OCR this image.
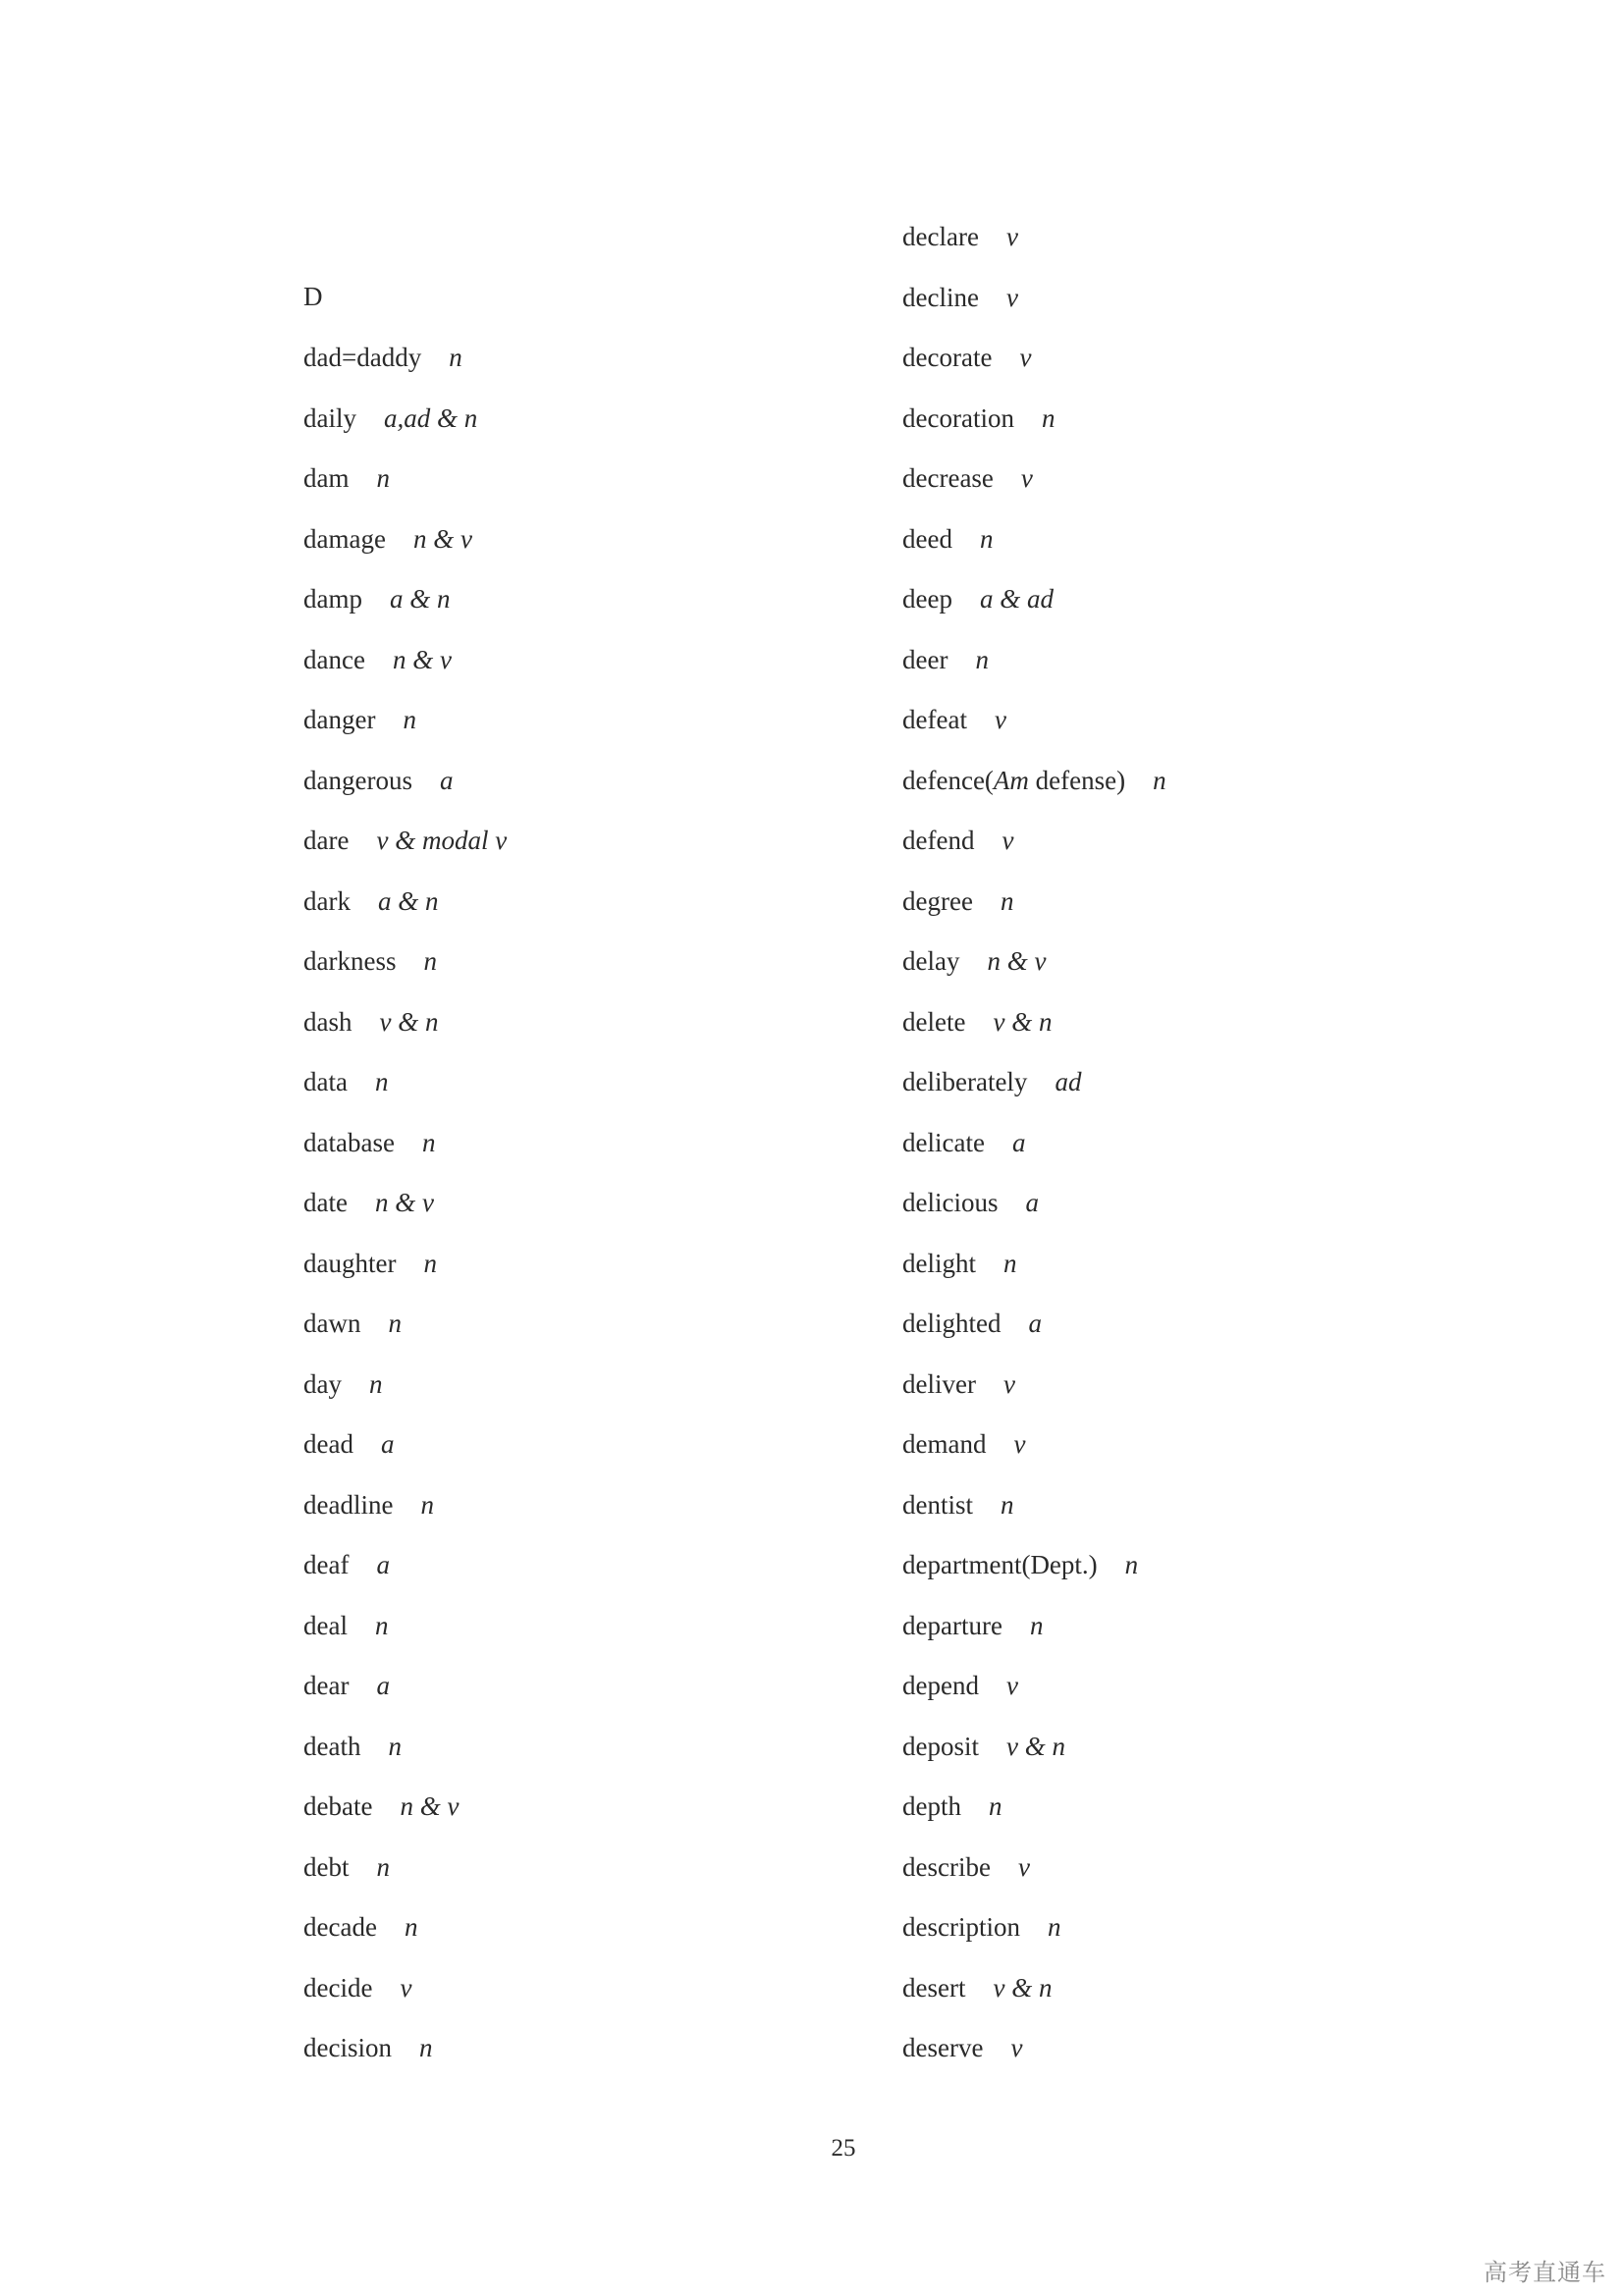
D
dad=daddy n
daily a,ad & n
dam n
damage n & v
damp a & n
dance n & v
danger n
dangerous a
dare v & modal v
dark a & n
darkness n
dash v & n
data n
database n
date n & v
daughter n
dawn n
day n
dead a
deadline n
deaf a
deal n
dear a
death n
debate n & v
debt n
decade n
decide v
decision n
declare v
decline v
decorate v
decoration n
decrease v
deed n
deep a & ad
deer n
defeat v
defence(Am defense) n
defend v
degree n
delay n & v
delete v & n
deliberately ad
delicate a
delicious a
delight n
delighted a
deliver v
demand v
dentist n
department(Dept.) n
departure n
depend v
deposit v & n
depth n
describe v
description n
desert v & n
deserve v
25
高考直通车
